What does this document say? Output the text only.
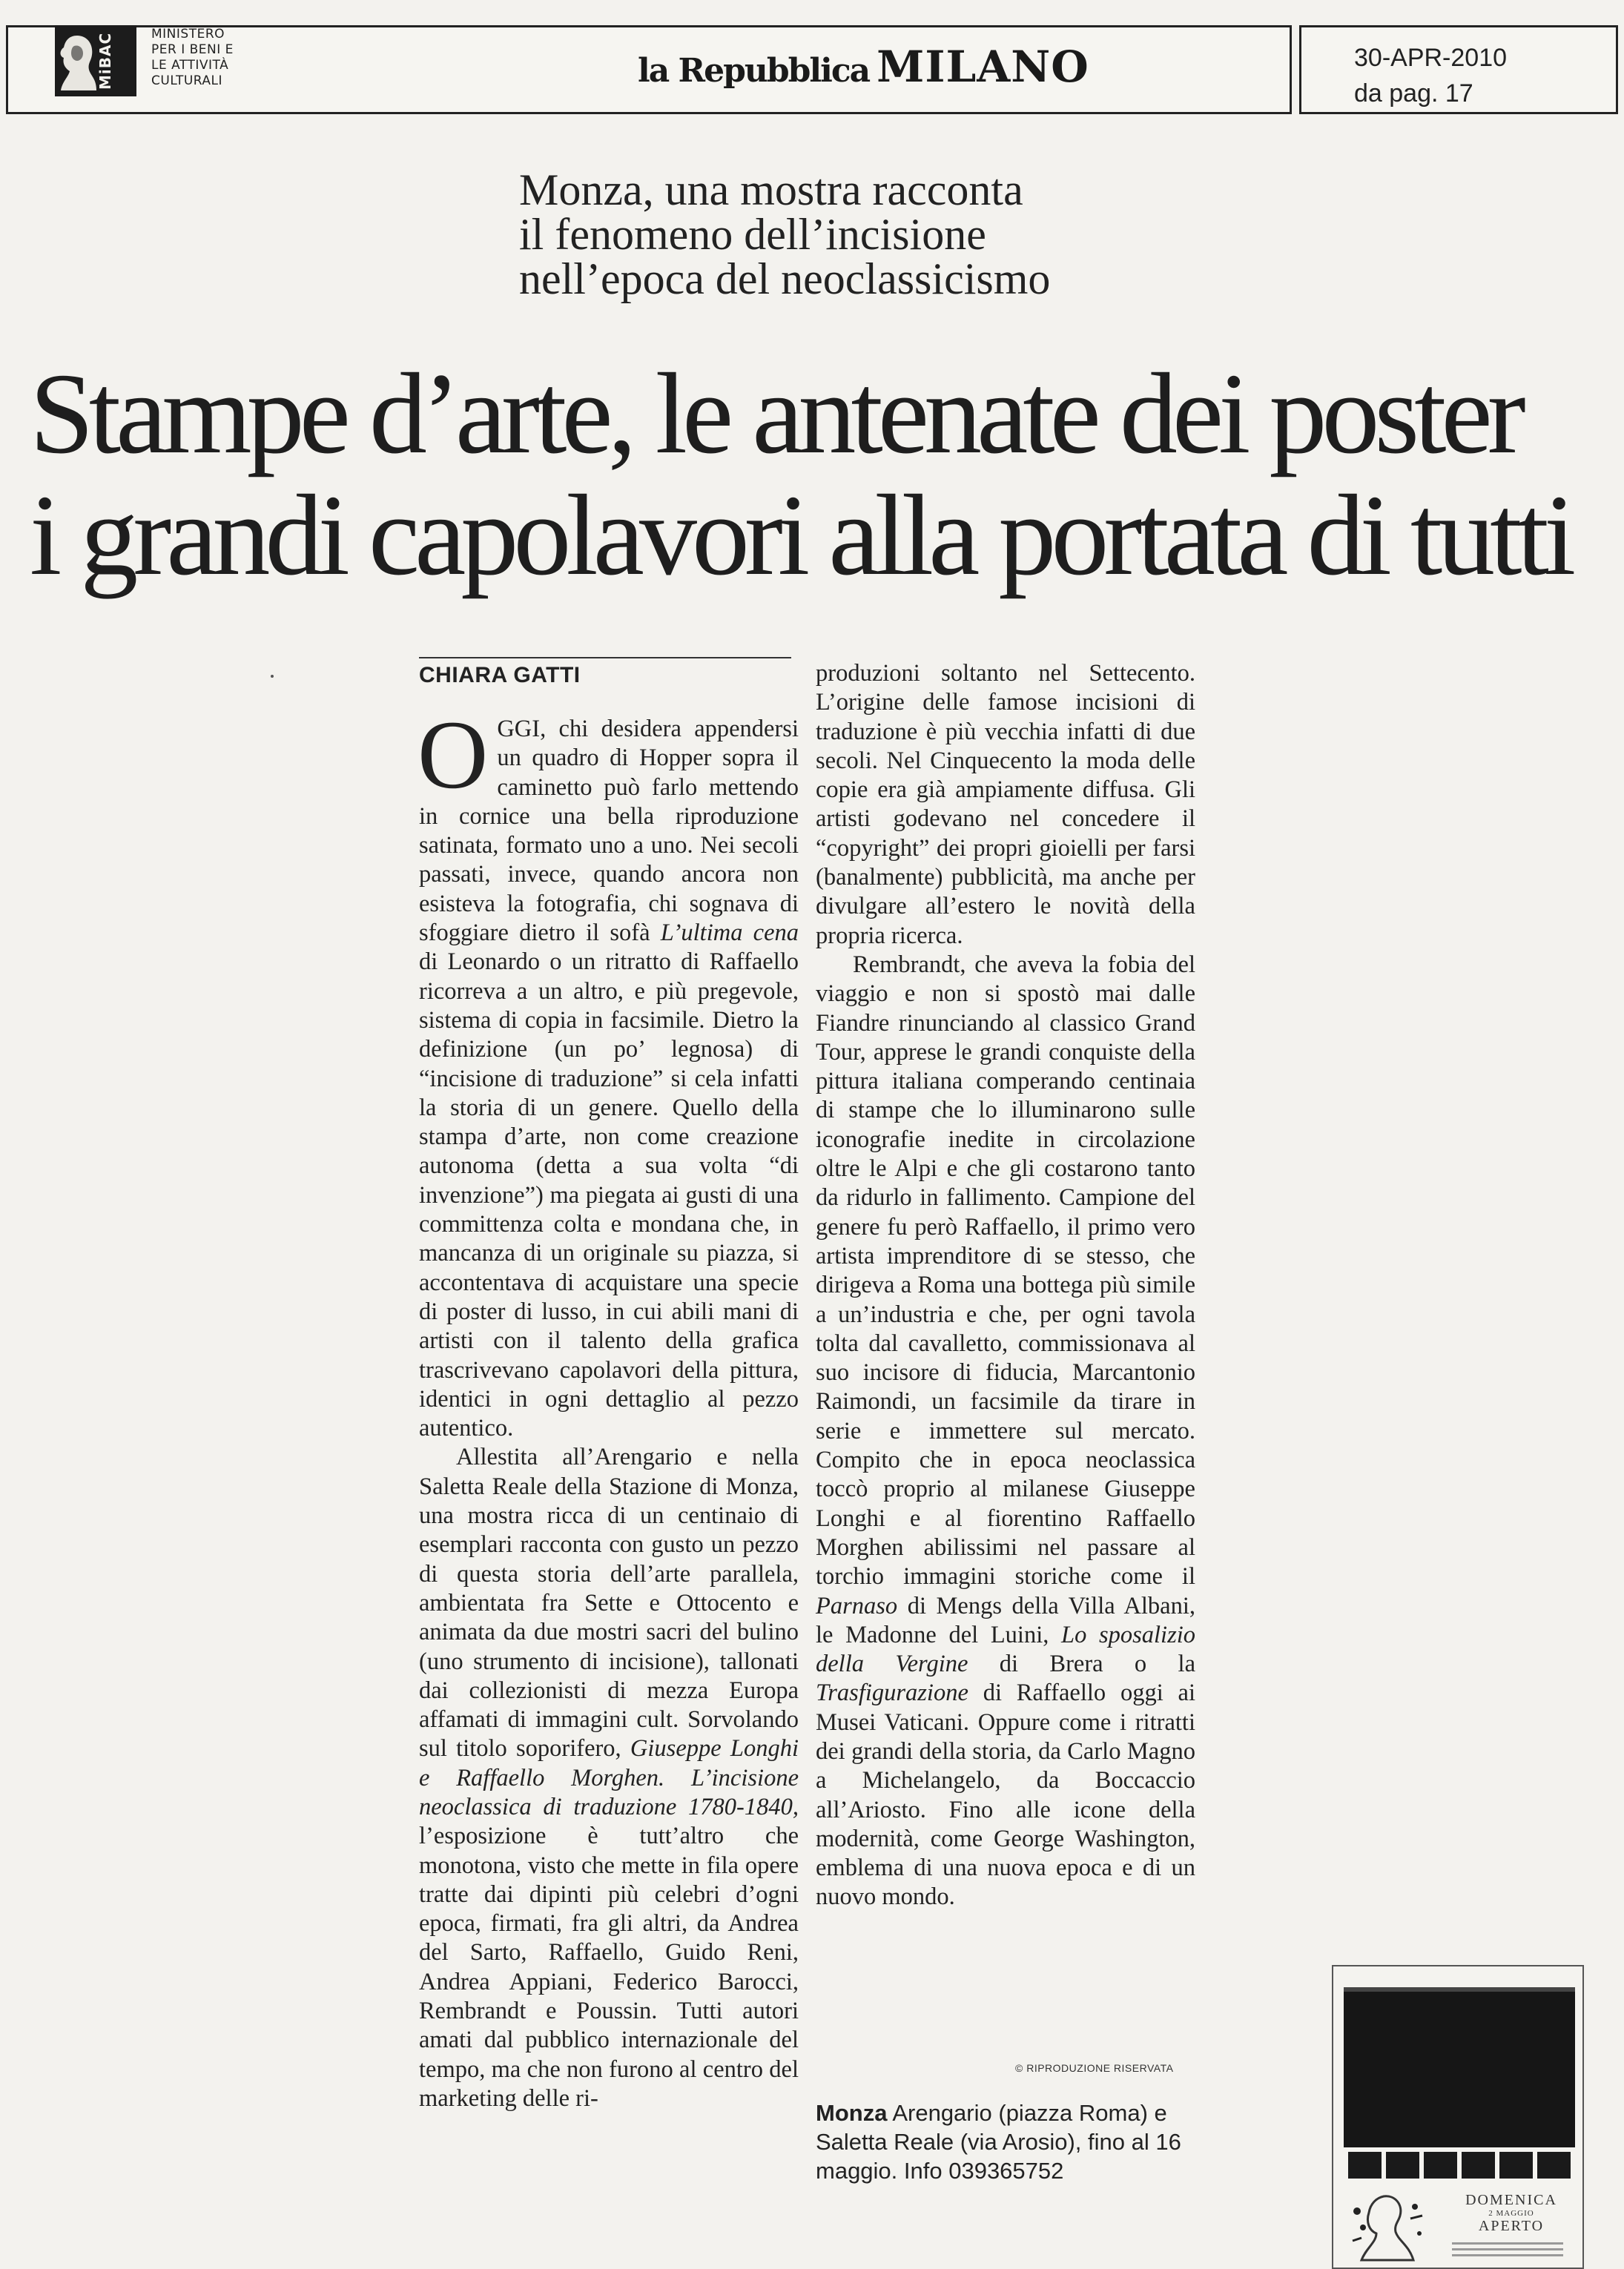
MiBAC	MINISTERO
PER I BENI E
LE ATTIVITÀ
CULTURALI	la Repubblica MILANO	30-APR-2010
da pag. 17
Monza, una mostra racconta
il fenomeno dell’incisione
nell’epoca del neoclassicismo
Stampe d’arte, le antenate dei poster
i grandi capolavori alla portata di tutti
CHIARA GATTI

OGGI, chi desidera appendersi un quadro di Hopper sopra il caminetto può farlo mettendo in cornice una bella riproduzione satinata, formato uno a uno. Nei secoli passati, invece, quando ancora non esisteva la fotografia, chi sognava di sfoggiare dietro il sofà L’ultima cena di Leonardo o un ritratto di Raffaello ricorreva a un altro, e più pregevole, sistema di copia in facsimile. Dietro la definizione (un po’ legnosa) di “incisione di traduzione” si cela infatti la storia di un genere. Quello della stampa d’arte, non come creazione autonoma (detta a sua volta “di invenzione”) ma piegata ai gusti di una committenza colta e mondana che, in mancanza di un originale su piazza, si accontentava di acquistare una specie di poster di lusso, in cui abili mani di artisti con il talento della grafica trascrivevano capolavori della pittura, identici in ogni dettaglio al pezzo autentico.

Allestita all’Arengario e nella Saletta Reale della Stazione di Monza, una mostra ricca di un centinaio di esemplari racconta con gusto un pezzo di questa storia dell’arte parallela, ambientata fra Sette e Ottocento e animata da due mostri sacri del bulino (uno strumento di incisione), tallonati dai collezionisti di mezza Europa affamati di immagini cult. Sorvolando sul titolo soporifero, Giuseppe Longhi e Raffaello Morghen. L’incisione neoclassica di traduzione 1780-1840, l’esposizione è tutt’altro che monotona, visto che mette in fila opere tratte dai dipinti più celebri d’ogni epoca, firmati, fra gli altri, da Andrea del Sarto, Raffaello, Guido Reni, Andrea Appiani, Federico Barocci, Rembrandt e Poussin. Tutti autori amati dal pubblico internazionale del tempo, ma che non furono al centro del marketing delle ri-

produzioni soltanto nel Settecento. L’origine delle famose incisioni di traduzione è più vecchia infatti di due secoli. Nel Cinquecento la moda delle copie era già ampiamente diffusa. Gli artisti godevano nel concedere il “copyright” dei propri gioielli per farsi (banalmente) pubblicità, ma anche per divulgare all’estero le novità della propria ricerca.

Rembrandt, che aveva la fobia del viaggio e non si spostò mai dalle Fiandre rinunciando al classico Grand Tour, apprese le grandi conquiste della pittura italiana comperando centinaia di stampe che lo illuminarono sulle iconografie inedite in circolazione oltre le Alpi e che gli costarono tanto da ridurlo in fallimento. Campione del genere fu però Raffaello, il primo vero artista imprenditore di se stesso, che dirigeva a Roma una bottega più simile a un’industria e che, per ogni tavola tolta dal cavalletto, commissionava al suo incisore di fiducia, Marcantonio Raimondi, un facsimile da tirare in serie e immettere sul mercato. Compito che in epoca neoclassica toccò proprio al milanese Giuseppe Longhi e al fiorentino Raffaello Morghen abilissimi nel passare al torchio immagini storiche come il Parnaso di Mengs della Villa Albani, le Madonne del Luini, Lo sposalizio della Vergine di Brera o la Trasfigurazione di Raffaello oggi ai Musei Vaticani. Oppure come i ritratti dei grandi della storia, da Carlo Magno a Michelangelo, da Boccaccio all’Ariosto. Fino alle icone della modernità, come George Washington, emblema di una nuova epoca e di un nuovo mondo.

© RIPRODUZIONE RISERVATA
Monza Arengario (piazza Roma) e Saletta Reale (via Arosio), fino al 16 maggio. Info 039365752
DOMENICA
2 MAGGIO
APERTO
